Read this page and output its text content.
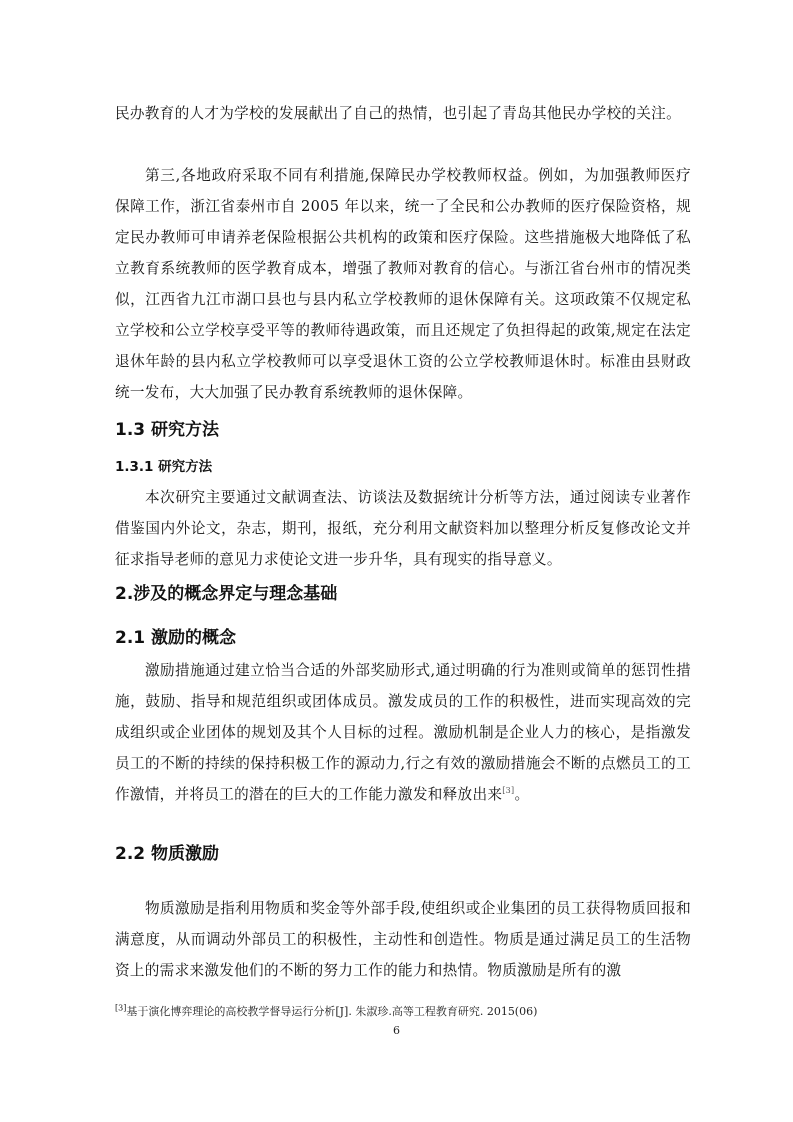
民办教育的人才为学校的发展献出了自己的热情，也引起了青岛其他民办学校的关注。

第三,各地政府采取不同有利措施,保障民办学校教师权益。例如，为加强教师医疗保障工作，浙江省泰州市自 2005 年以来，统一了全民和公办教师的医疗保险资格，规定民办教师可申请养老保险根据公共机构的政策和医疗保险。这些措施极大地降低了私立教育系统教师的医学教育成本，增强了教师对教育的信心。与浙江省台州市的情况类似，江西省九江市湖口县也与县内私立学校教师的退休保障有关。这项政策不仅规定私立学校和公立学校享受平等的教师待遇政策，而且还规定了负担得起的政策,规定在法定退休年龄的县内私立学校教师可以享受退休工资的公立学校教师退休时。标准由县财政统一发布，大大加强了民办教育系统教师的退休保障。

1.3 研究方法
1.3.1 研究方法

本次研究主要通过文献调查法、访谈法及数据统计分析等方法，通过阅读专业著作借鉴国内外论文，杂志，期刊，报纸，充分利用文献资料加以整理分析反复修改论文并征求指导老师的意见力求使论文进一步升华，具有现实的指导意义。

2.涉及的概念界定与理念基础
2.1 激励的概念

激励措施通过建立恰当合适的外部奖励形式,通过明确的行为准则或简单的惩罚性措施，鼓励、指导和规范组织或团体成员。激发成员的工作的积极性，进而实现高效的完成组织或企业团体的规划及其个人目标的过程。激励机制是企业人力的核心，是指激发员工的不断的持续的保持积极工作的源动力,行之有效的激励措施会不断的点燃员工的工作激情，并将员工的潜在的巨大的工作能力激发和释放出来[3]。

2.2 物质激励

物质激励是指利用物质和奖金等外部手段,使组织或企业集团的员工获得物质回报和满意度，从而调动外部员工的积极性，主动性和创造性。物质是通过满足员工的生活物资上的需求来激发他们的不断的努力工作的能力和热情。物质激励是所有的激

[3]基于演化博弈理论的高校教学督导运行分析[J]. 朱淑珍.高等工程教育研究. 2015(06)
6
